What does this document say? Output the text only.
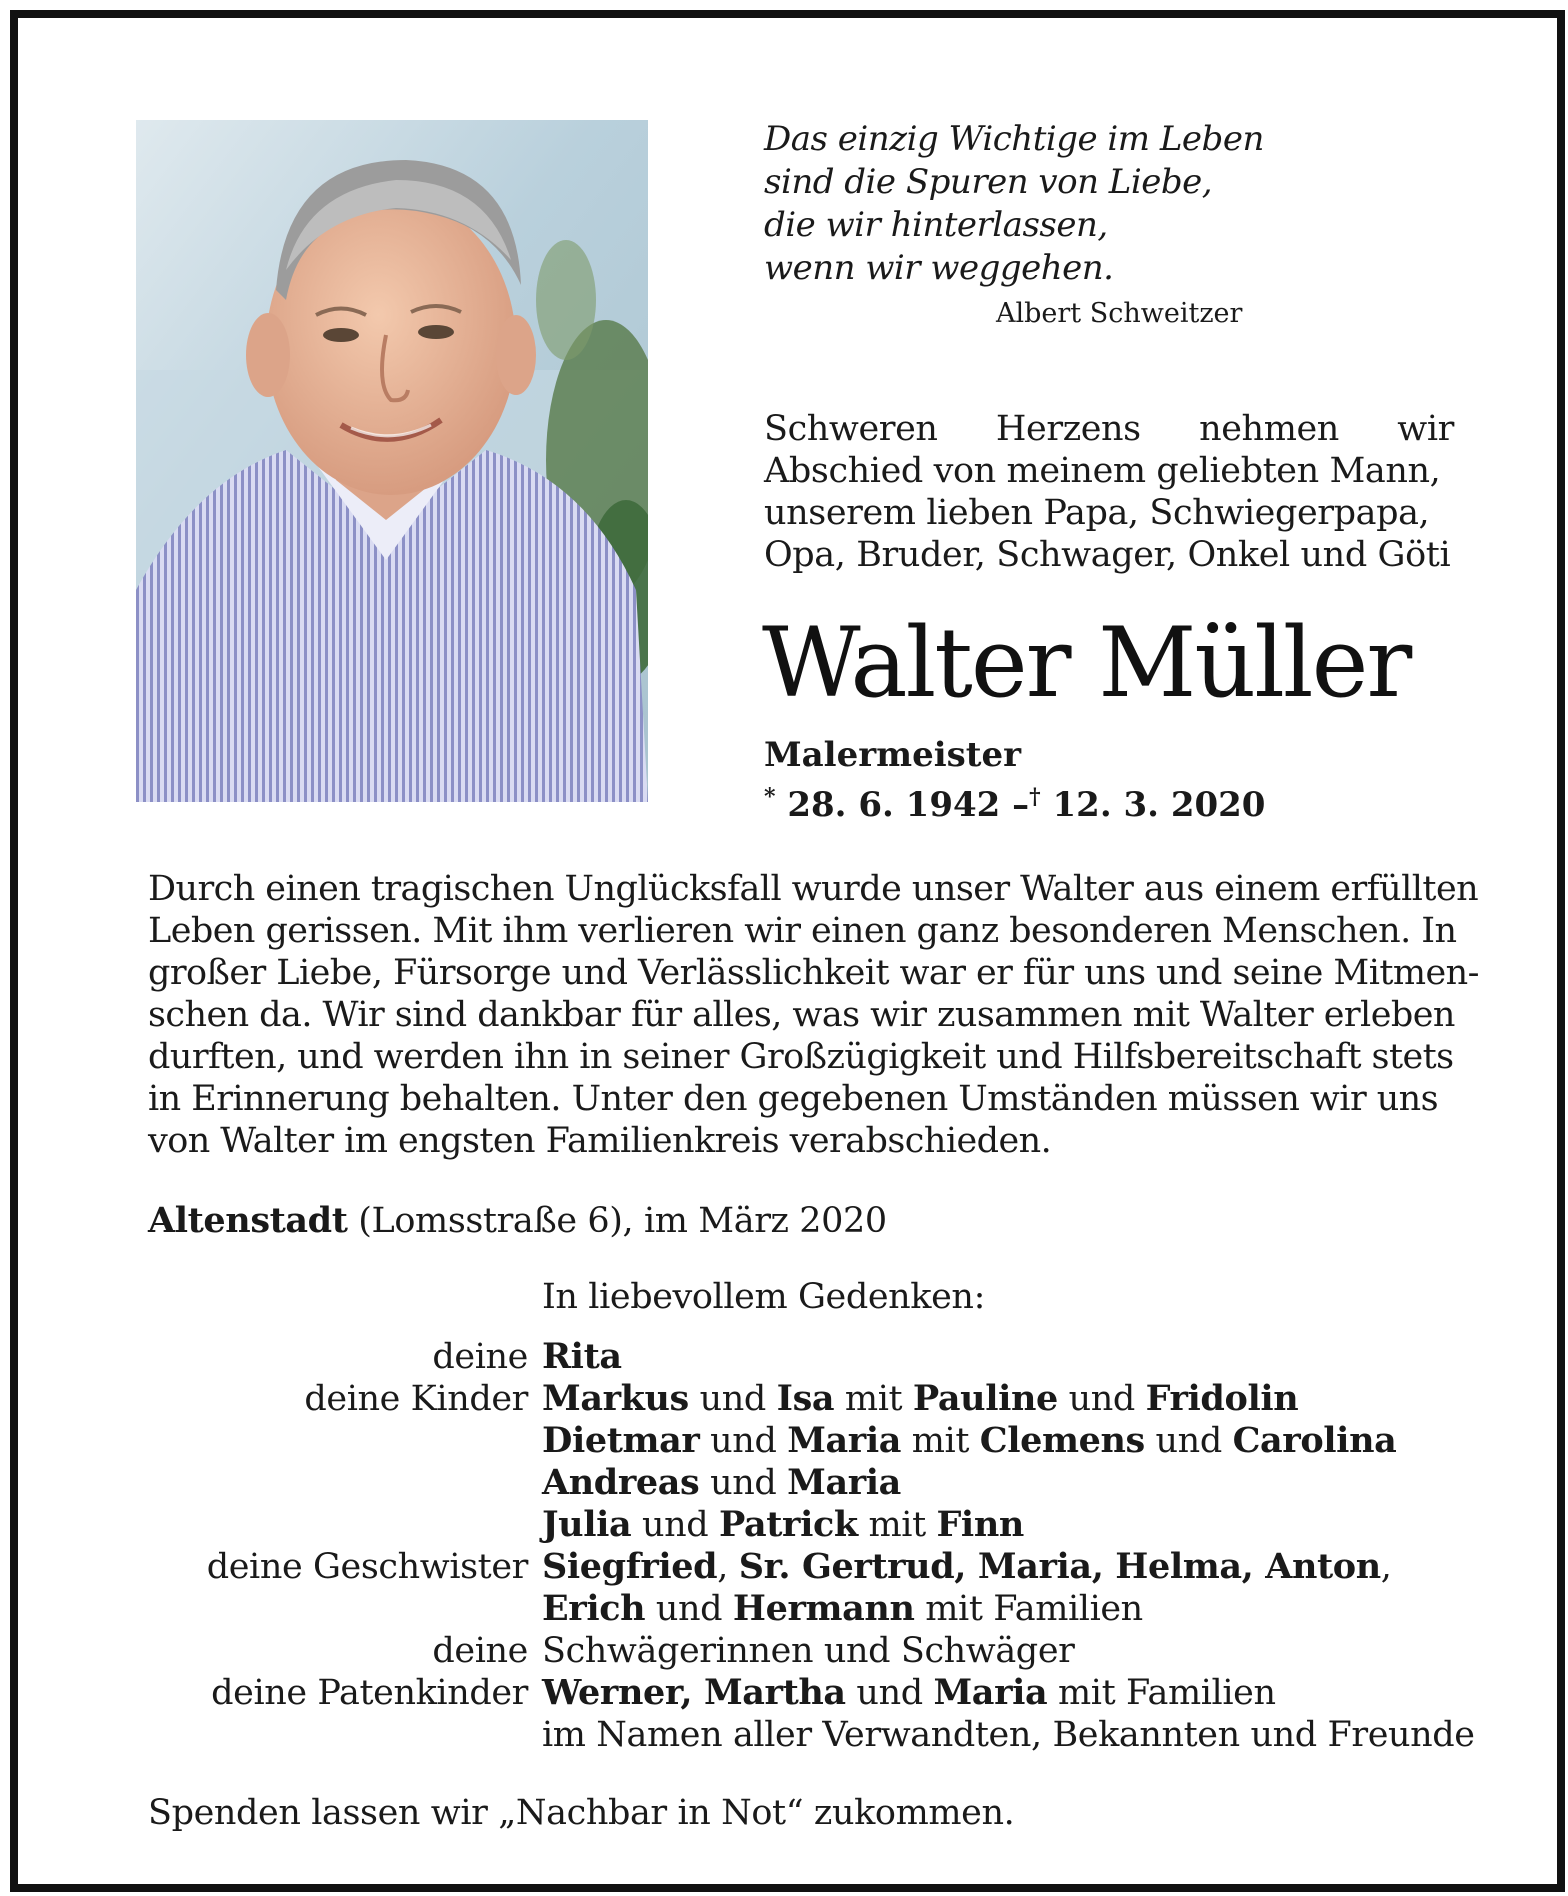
Das einzig Wichtige im Leben
sind die Spuren von Liebe,
die wir hinterlassen,
wenn wir weggehen.
Albert Schweitzer
Schweren Herzens nehmen wir
Abschied von meinem geliebten Mann,
unserem lieben Papa, Schwiegerpapa,
Opa, Bruder, Schwager, Onkel und Göti
Walter Müller
Malermeister
* 28. 6. 1942 –† 12. 3. 2020
Durch einen tragischen Unglücksfall wurde unser Walter aus einem erfüllten
Leben gerissen. Mit ihm verlieren wir einen ganz besonderen Menschen. In
großer Liebe, Fürsorge und Verlässlichkeit war er für uns und seine Mitmen-
schen da. Wir sind dankbar für alles, was wir zusammen mit Walter erleben
durften, und werden ihn in seiner Großzügigkeit und Hilfsbereitschaft stets
in Erinnerung behalten. Unter den gegebenen Umständen müssen wir uns
von Walter im engsten Familienkreis verabschieden.
Altenstadt (Lomsstraße 6), im März 2020
In liebevollem Gedenken:
deine Rita
deine Kinder Markus und Isa mit Pauline und Fridolin
Dietmar und Maria mit Clemens und Carolina
Andreas und Maria
Julia und Patrick mit Finn
deine Geschwister Siegfried, Sr. Gertrud, Maria, Helma, Anton,
Erich und Hermann mit Familien
deine Schwägerinnen und Schwäger
deine Patenkinder Werner, Martha und Maria mit Familien
im Namen aller Verwandten, Bekannten und Freunde
Spenden lassen wir „Nachbar in Not“ zukommen.
